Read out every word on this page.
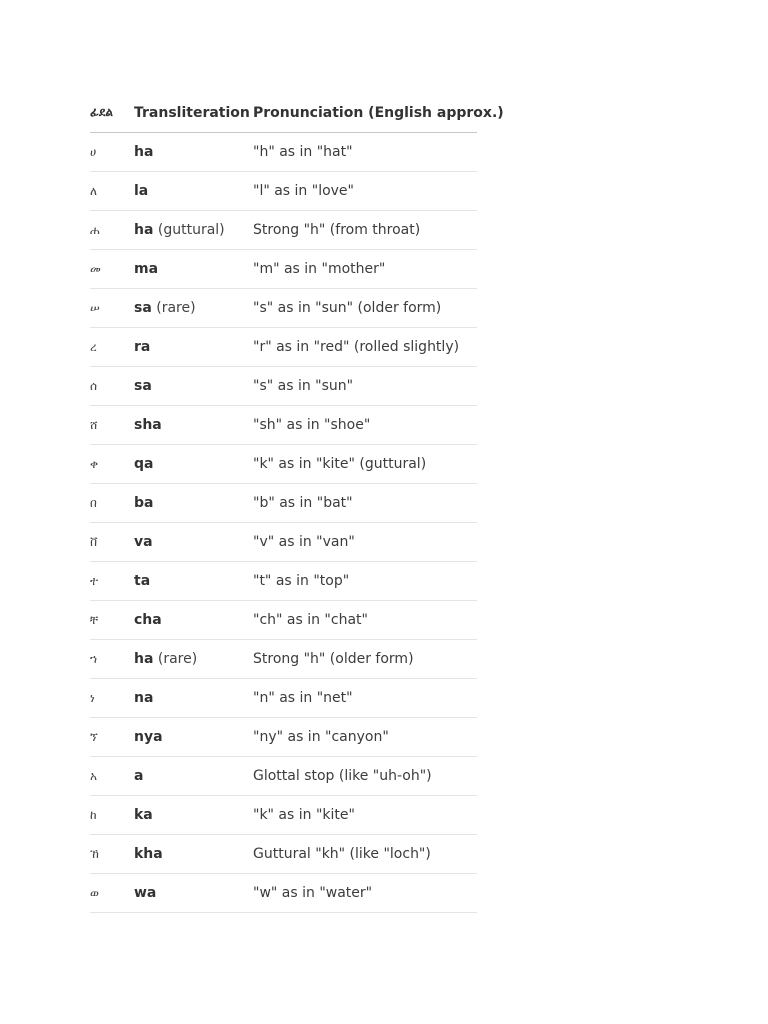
ፊደል	Transliteration	Pronunciation (English approx.)
ሀ	ha	"h" as in "hat"
ለ	la	"l" as in "love"
ሐ	ha (guttural)	Strong "h" (from throat)
መ	ma	"m" as in "mother"
ሠ	sa (rare)	"s" as in "sun" (older form)
ረ	ra	"r" as in "red" (rolled slightly)
ሰ	sa	"s" as in "sun"
ሸ	sha	"sh" as in "shoe"
ቀ	qa	"k" as in "kite" (guttural)
በ	ba	"b" as in "bat"
ቨ	va	"v" as in "van"
ተ	ta	"t" as in "top"
ቸ	cha	"ch" as in "chat"
ኀ	ha (rare)	Strong "h" (older form)
ነ	na	"n" as in "net"
ኘ	nya	"ny" as in "canyon"
አ	a	Glottal stop (like "uh-oh")
ከ	ka	"k" as in "kite"
ኸ	kha	Guttural "kh" (like "loch")
ወ	wa	"w" as in "water"
